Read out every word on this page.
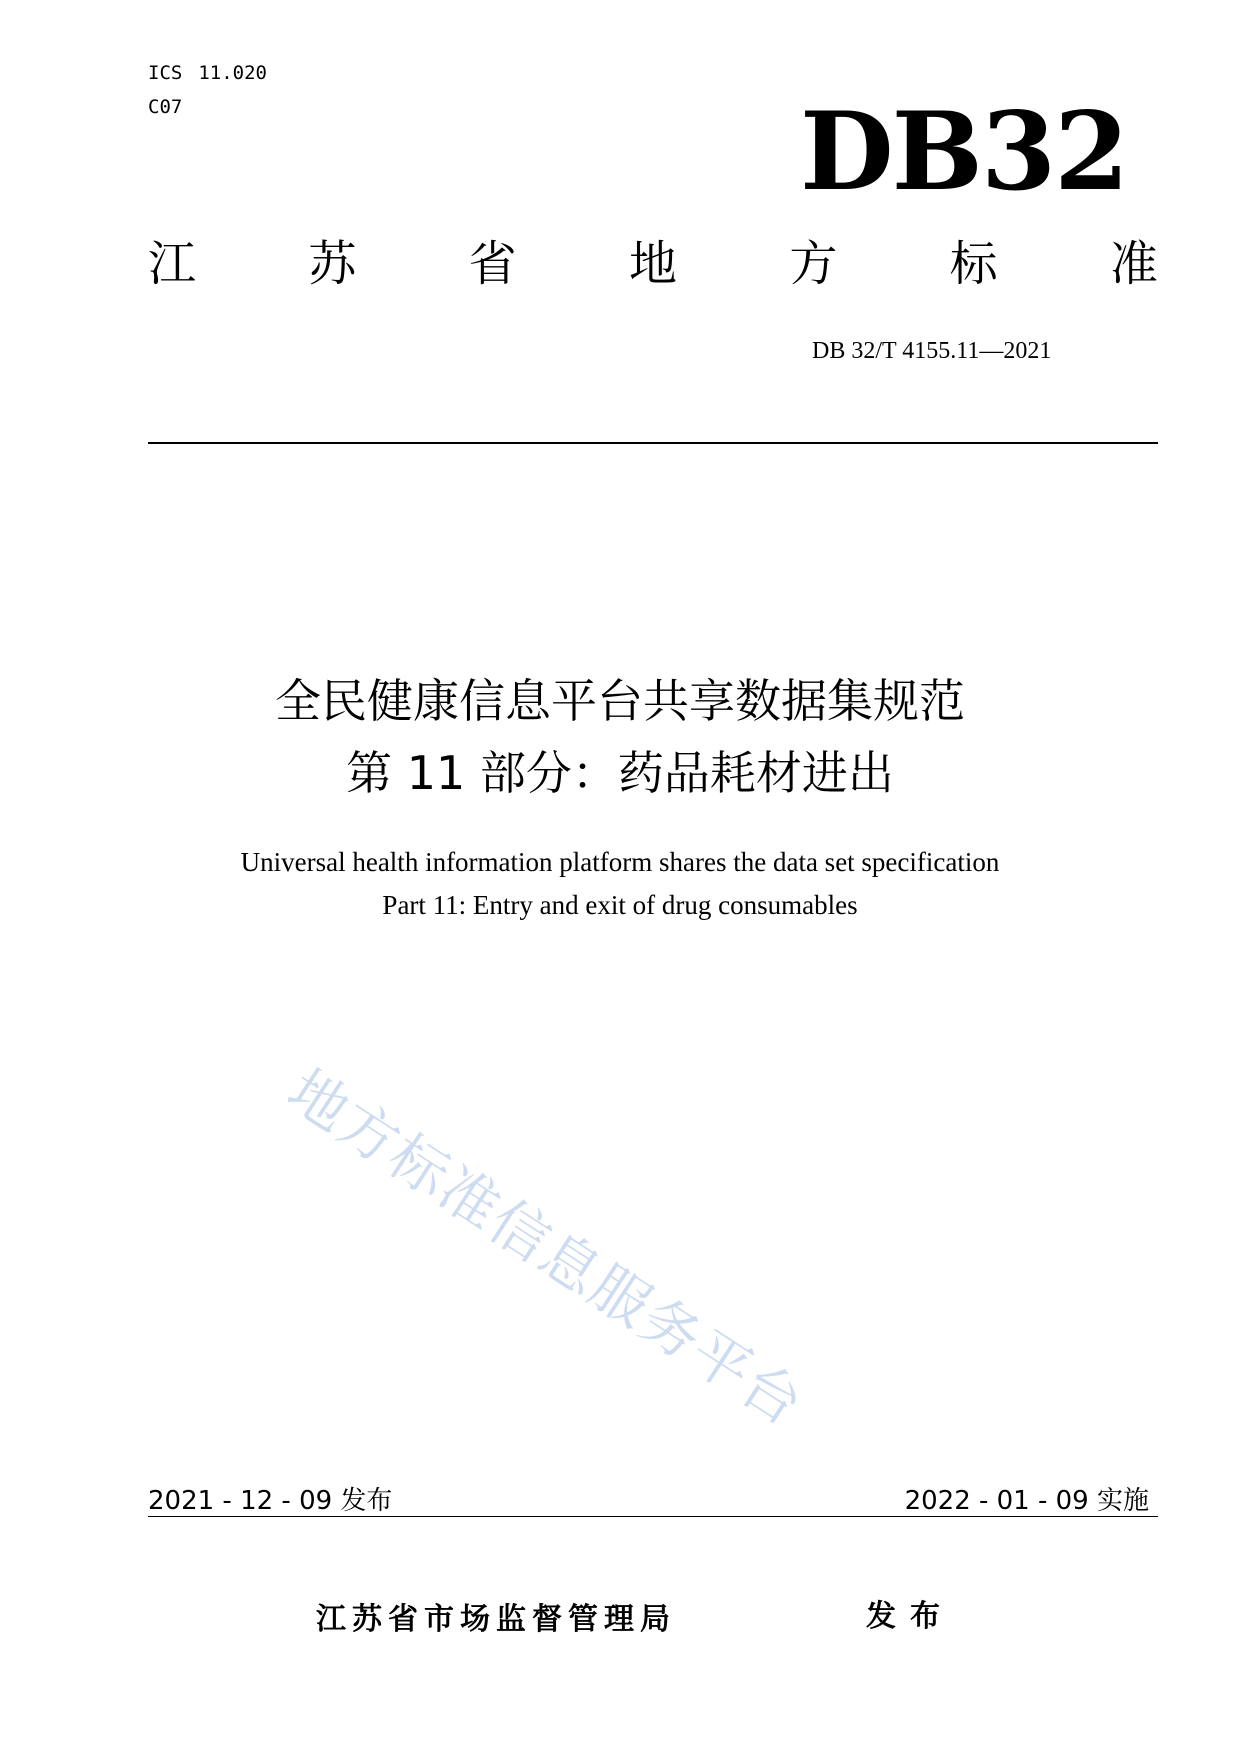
ICS 11.020
C07	DB32
江 苏 省 地 方 标 准
DB 32/T 4155.11—2021
全民健康信息平台共享数据集规范
第 11 部分：药品耗材进出
Universal health information platform shares the data set specification
Part 11: Entry and exit of drug consumables
地方标准信息服务平台
2021 - 12 - 09 发布	2022 - 01 - 09 实施
江苏省市场监督管理局	发布
